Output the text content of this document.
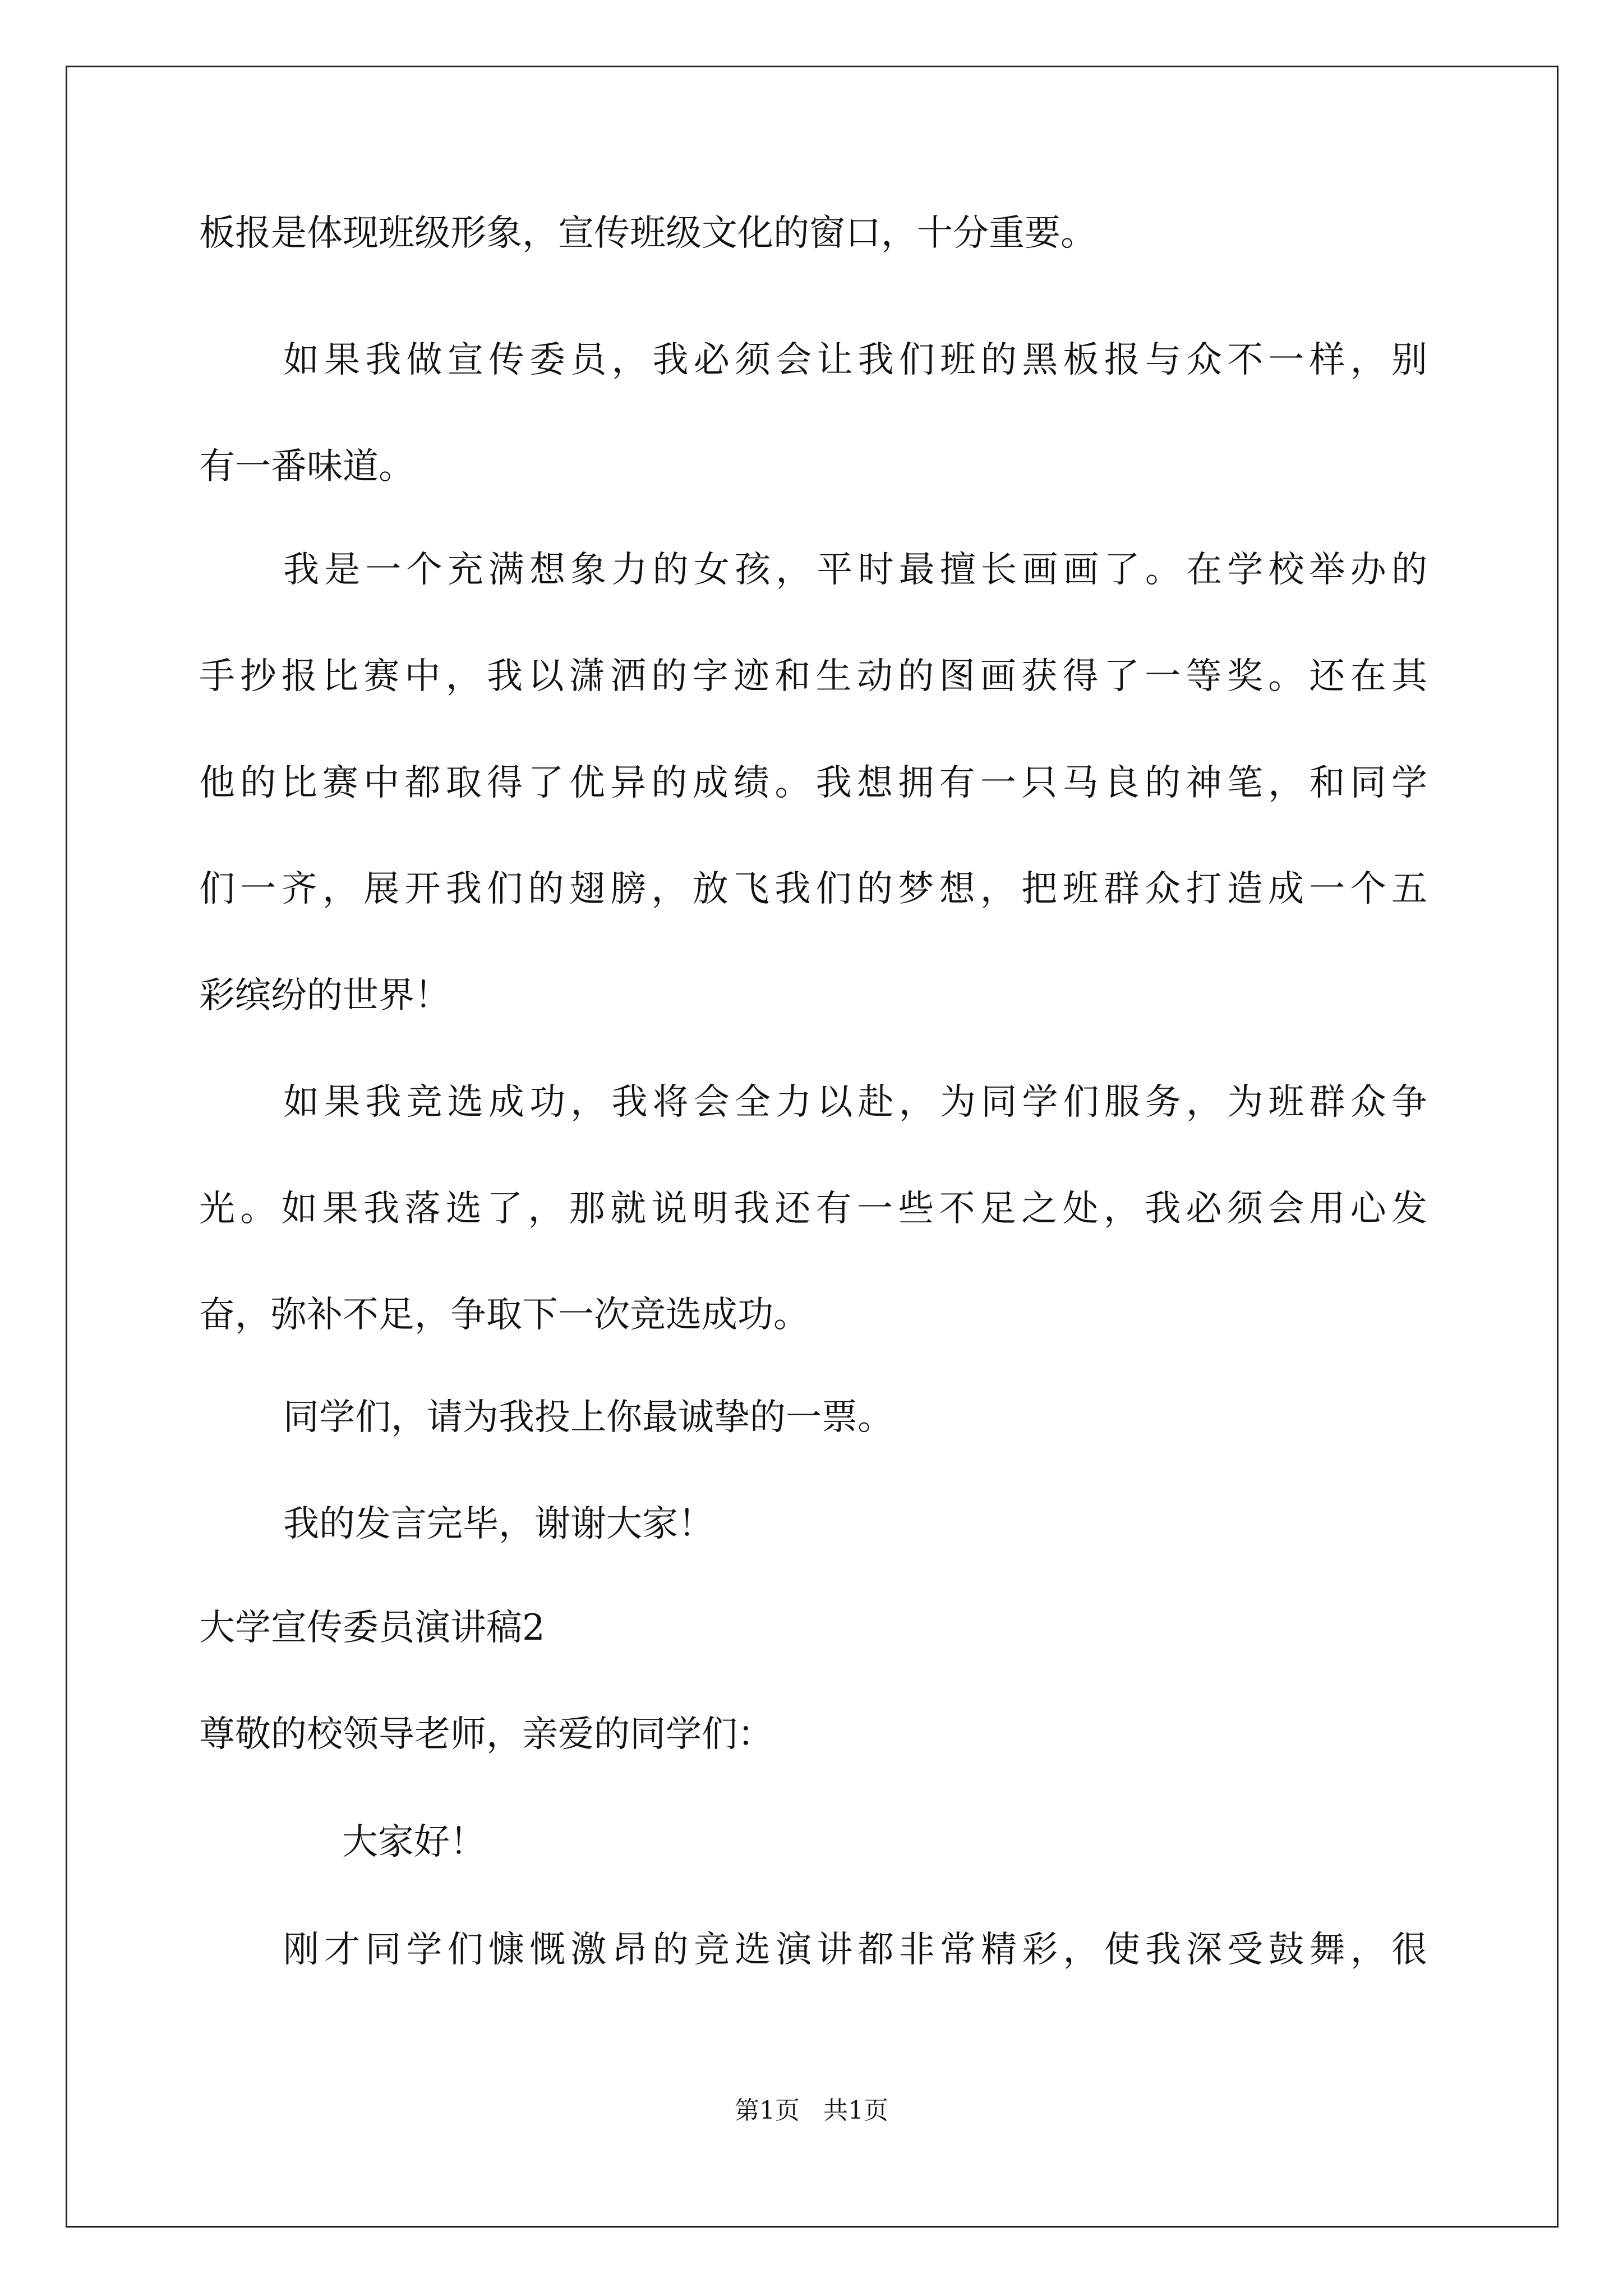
板报是体现班级形象，宣传班级文化的窗口，十分重要。
如果我做宣传委员，我必须会让我们班的黑板报与众不一样，别
有一番味道。
我是一个充满想象力的女孩，平时最擅长画画了。在学校举办的
手抄报比赛中，我以潇洒的字迹和生动的图画获得了一等奖。还在其
他的比赛中都取得了优异的成绩。我想拥有一只马良的神笔，和同学
们一齐，展开我们的翅膀，放飞我们的梦想，把班群众打造成一个五
彩缤纷的世界！
如果我竞选成功，我将会全力以赴，为同学们服务，为班群众争
光。如果我落选了，那就说明我还有一些不足之处，我必须会用心发
奋，弥补不足，争取下一次竞选成功。
同学们，请为我投上你最诚挚的一票。
我的发言完毕，谢谢大家！
大学宣传委员演讲稿2
尊敬的校领导老师，亲爱的同学们：
大家好！
刚才同学们慷慨激昂的竞选演讲都非常精彩，使我深受鼓舞，很
第1页   共1页
